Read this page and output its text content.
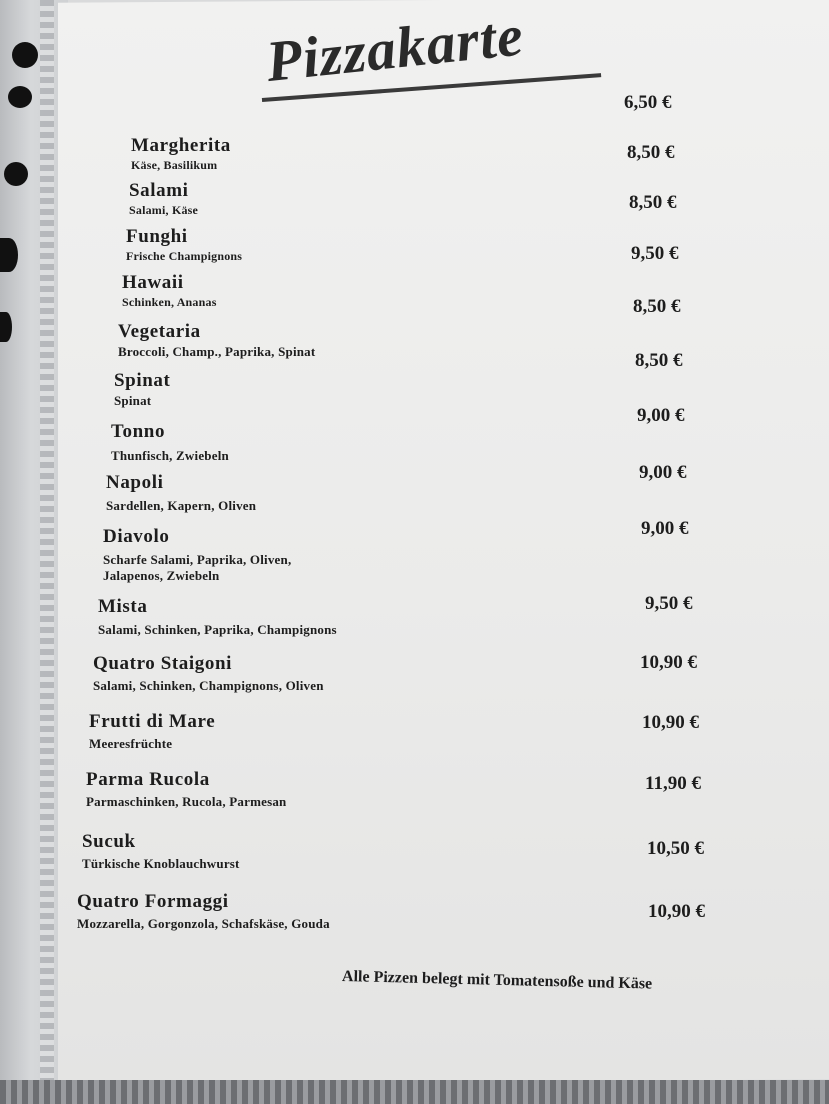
Pizzakarte
Margherita
Käse, Basilikum
6,50 €
Salami
Salami, Käse
8,50 €
Funghi
Frische Champignons
8,50 €
Hawaii
Schinken, Ananas
9,50 €
Vegetaria
Broccoli, Champ., Paprika, Spinat
8,50 €
Spinat
Spinat
8,50 €
Tonno
Thunfisch, Zwiebeln
9,00 €
Napoli
Sardellen, Kapern, Oliven
9,00 €
Diavolo
Scharfe Salami, Paprika, Oliven,
Jalapenos, Zwiebeln
9,00 €
Mista
Salami, Schinken, Paprika, Champignons
9,50 €
Quatro Staigoni
Salami, Schinken, Champignons, Oliven
10,90 €
Frutti di Mare
Meeresfrüchte
10,90 €
Parma Rucola
Parmaschinken, Rucola, Parmesan
11,90 €
Sucuk
Türkische Knoblauchwurst
10,50 €
Quatro Formaggi
Mozzarella, Gorgonzola, Schafskäse, Gouda
10,90 €
Alle Pizzen belegt mit Tomatensoße und Käse
